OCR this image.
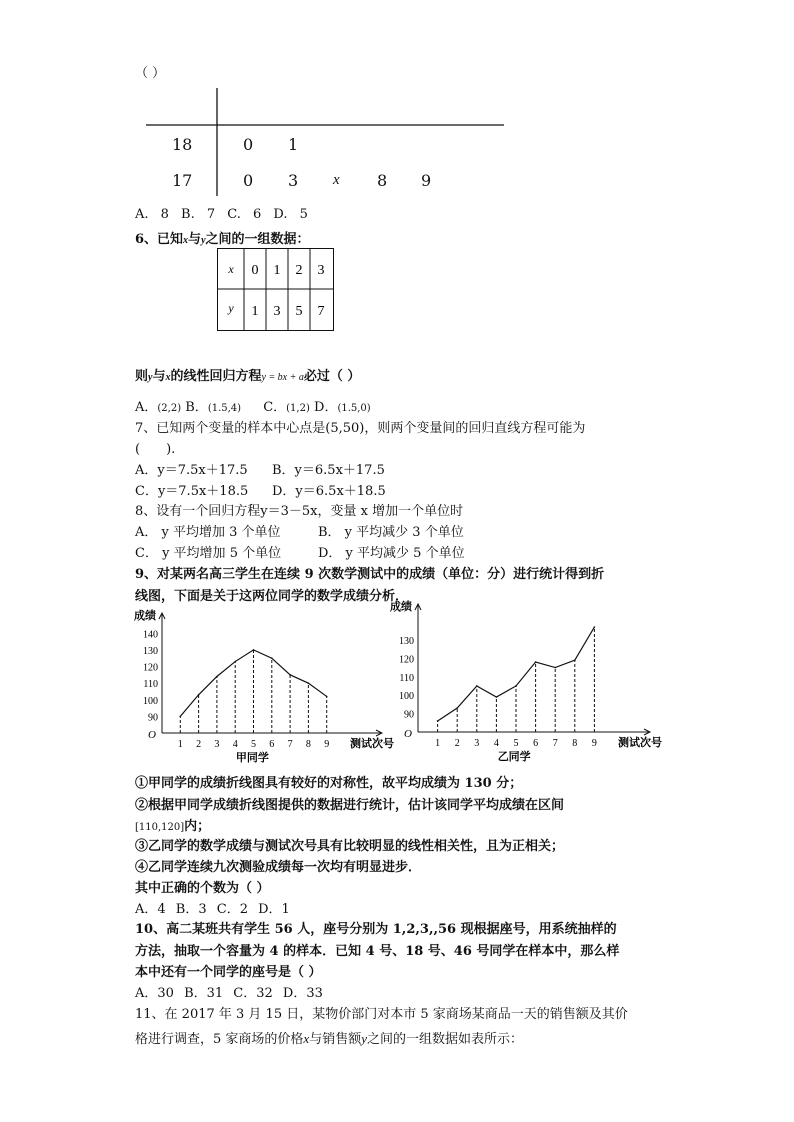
（ ）
18	0 1
17	0 3 x 8 9
A. 8 B. 7 C. 6 D. 5
6、已知x与y之间的一组数据：
x 0 1 2 3
y 1 3 5 7
则y与x的线性回归方程y = bx + a必过（ ）
A．(2,2) B．(1.5,4) C．(1,2) D．(1.5,0)
7、已知两个变量的样本中心点是(5,50)，则两个变量间的回归直线方程可能为
(　　).
A．y＝7.5x＋17.5 B．y＝6.5x＋17.5
C．y＝7.5x＋18.5 D．y＝6.5x＋18.5
8、设有一个回归方程y＝3－5x，变量 x 增加一个单位时
A． y 平均增加 3 个单位	B． y 平均减少 3 个单位
C． y 平均增加 5 个单位	D． y 平均减少 5 个单位
9、对某两名高三学生在连续 9 次数学测试中的成绩（单位：分）进行统计得到折
线图，下面是关于这两位同学的数学成绩分析．
成绩
O
测试次号
甲同学
90
100
110
120
130
140
1 2 3 4 5 6 7 8 9
成绩
O
测试次号
乙同学
90
100
110
120
130
1 2 3 4 5 6 7 8 9
①甲同学的成绩折线图具有较好的对称性，故平均成绩为 130 分；
②根据甲同学成绩折线图提供的数据进行统计，估计该同学平均成绩在区间
[110,120]内；
③乙同学的数学成绩与测试次号具有比较明显的线性相关性，且为正相关；
④乙同学连续九次测验成绩每一次均有明显进步．
其中正确的个数为（ ）
A．4 B．3 C．2 D．1
10、高二某班共有学生 56 人，座号分别为 1,2,3,,56 现根据座号，用系统抽样的
方法，抽取一个容量为 4 的样本．已知 4 号、18 号、46 号同学在样本中，那么样
本中还有一个同学的座号是（ ）
A．30 B．31 C．32 D．33
11、在 2017 年 3 月 15 日，某物价部门对本市 5 家商场某商品一天的销售额及其价
格进行调查，5 家商场的价格x与销售额y之间的一组数据如表所示：
